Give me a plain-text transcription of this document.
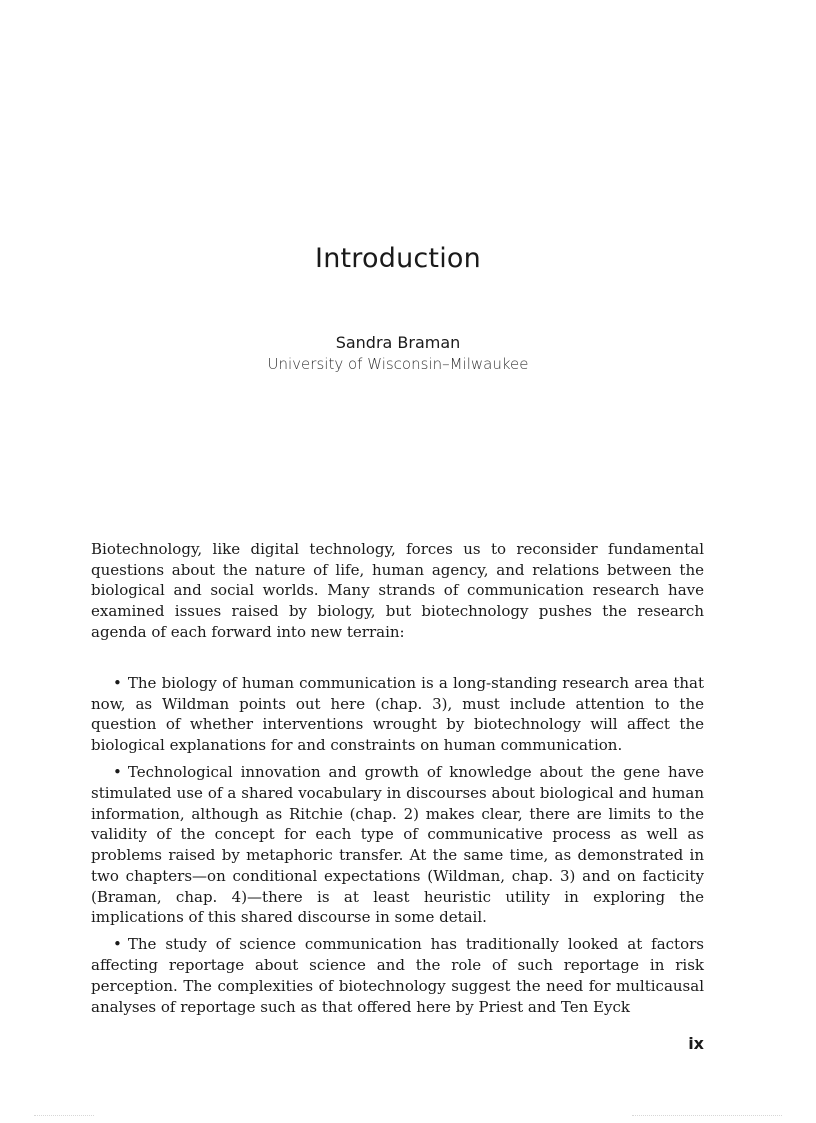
Introduction
Sandra Braman
University of Wisconsin–Milwaukee

Biotechnology, like digital technology, forces us to reconsider fundamental questions about the nature of life, human agency, and relations between the biological and social worlds. Many strands of communication research have examined issues raised by biology, but biotechnology pushes the research agenda of each forward into new terrain:

• The biology of human communication is a long-standing research area that now, as Wildman points out here (chap. 3), must include attention to the question of whether interventions wrought by biotechnology will affect the biological explanations for and constraints on human communication.
• Technological innovation and growth of knowledge about the gene have stimulated use of a shared vocabulary in discourses about biological and human information, although as Ritchie (chap. 2) makes clear, there are limits to the validity of the concept for each type of communicative process as well as problems raised by metaphoric transfer. At the same time, as demonstrated in two chapters—on conditional expectations (Wildman, chap. 3) and on facticity (Braman, chap. 4)—there is at least heuristic utility in exploring the implications of this shared discourse in some detail.
• The study of science communication has traditionally looked at factors affecting reportage about science and the role of such reportage in risk perception. The complexities of biotechnology suggest the need for multicausal analyses of reportage such as that offered here by Priest and Ten Eyck
ix
